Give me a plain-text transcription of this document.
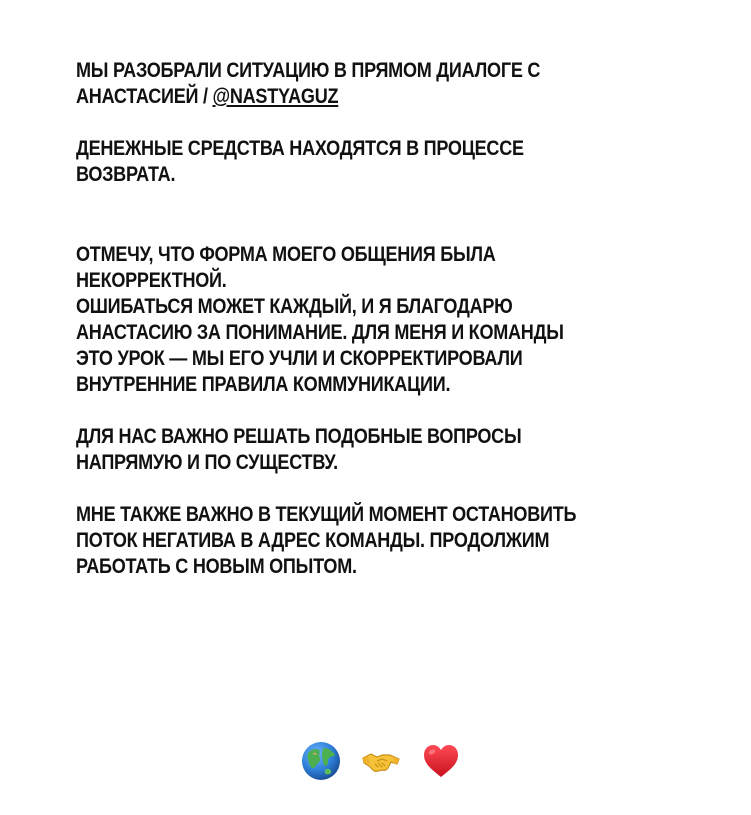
МЫ РАЗОБРАЛИ СИТУАЦИЮ В ПРЯМОМ ДИАЛОГЕ С
АНАСТАСИЕЙ / @NASTYAGUZ

ДЕНЕЖНЫЕ СРЕДСТВА НАХОДЯТСЯ В ПРОЦЕССЕ
ВОЗВРАТА.

ОТМЕЧУ, ЧТО ФОРМА МОЕГО ОБЩЕНИЯ БЫЛА
НЕКОРРЕКТНОЙ.
ОШИБАТЬСЯ МОЖЕТ КАЖДЫЙ, И Я БЛАГОДАРЮ
АНАСТАСИЮ ЗА ПОНИМАНИЕ. ДЛЯ МЕНЯ И КОМАНДЫ
ЭТО УРОК — МЫ ЕГО УЧЛИ И СКОРРЕКТИРОВАЛИ
ВНУТРЕННИЕ ПРАВИЛА КОММУНИКАЦИИ.

ДЛЯ НАС ВАЖНО РЕШАТЬ ПОДОБНЫЕ ВОПРОСЫ
НАПРЯМУЮ И ПО СУЩЕСТВУ.

МНЕ ТАКЖЕ ВАЖНО В ТЕКУЩИЙ МОМЕНТ ОСТАНОВИТЬ
ПОТОК НЕГАТИВА В АДРЕС КОМАНДЫ. ПРОДОЛЖИМ
РАБОТАТЬ С НОВЫМ ОПЫТОМ.
